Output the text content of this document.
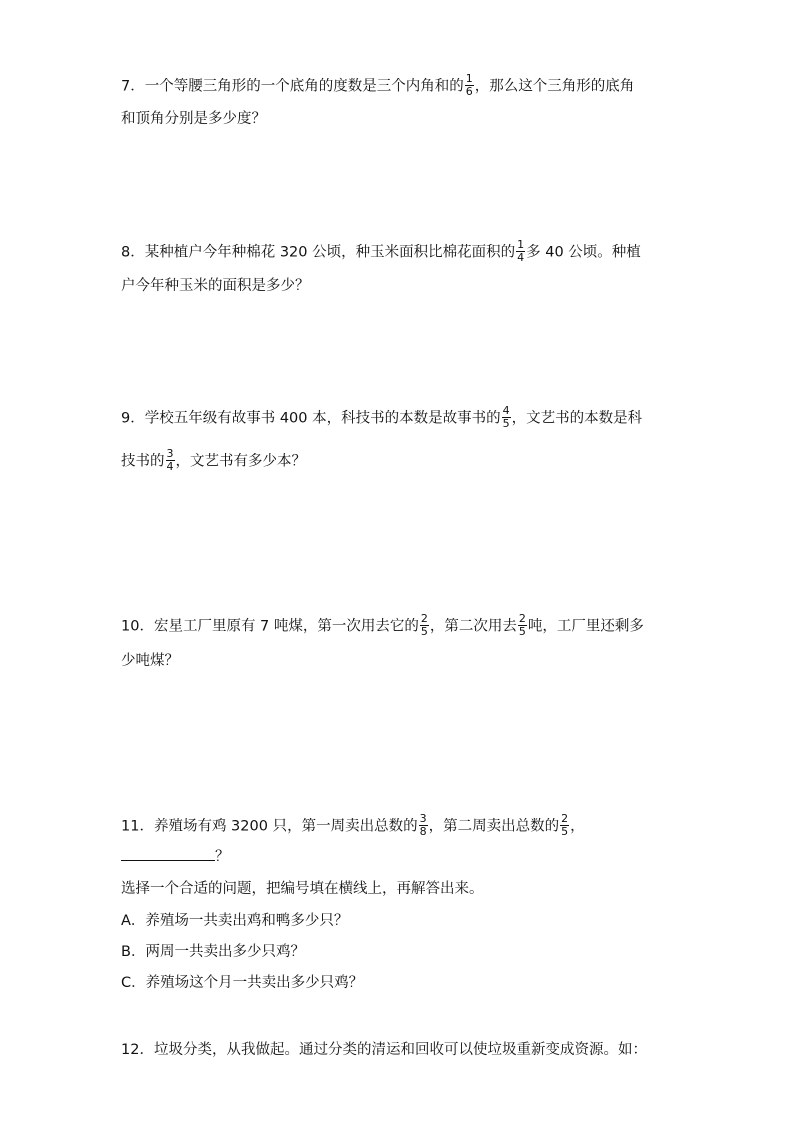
7．一个等腰三角形的一个底角的度数是三个内角和的 $\frac{1}{6}$ ，那么这个三角形的底角
和顶角分别是多少度？
8．某种植户今年种棉花 320 公顷，种玉米面积比棉花面积的 $\frac{1}{4}$ 多 40 公顷。种植
户今年种玉米的面积是多少？
9．学校五年级有故事书 400 本，科技书的本数是故事书的 $\frac{4}{5}$ ，文艺书的本数是科
技书的 $\frac{3}{4}$ ，文艺书有多少本？
10．宏星工厂里原有 7 吨煤，第一次用去它的 $\frac{2}{5}$ ，第二次用去 $\frac{2}{5}$ 吨，工厂里还剩多
少吨煤？
11．养殖场有鸡 3200 只，第一周卖出总数的 $\frac{3}{8}$ ，第二周卖出总数的 $\frac{2}{5}$ ，
？
选择一个合适的问题，把编号填在横线上，再解答出来。
A．养殖场一共卖出鸡和鸭多少只？
B．两周一共卖出多少只鸡？
C．养殖场这个月一共卖出多少只鸡？
12．垃圾分类，从我做起。通过分类的清运和回收可以使垃圾重新变成资源。如：
